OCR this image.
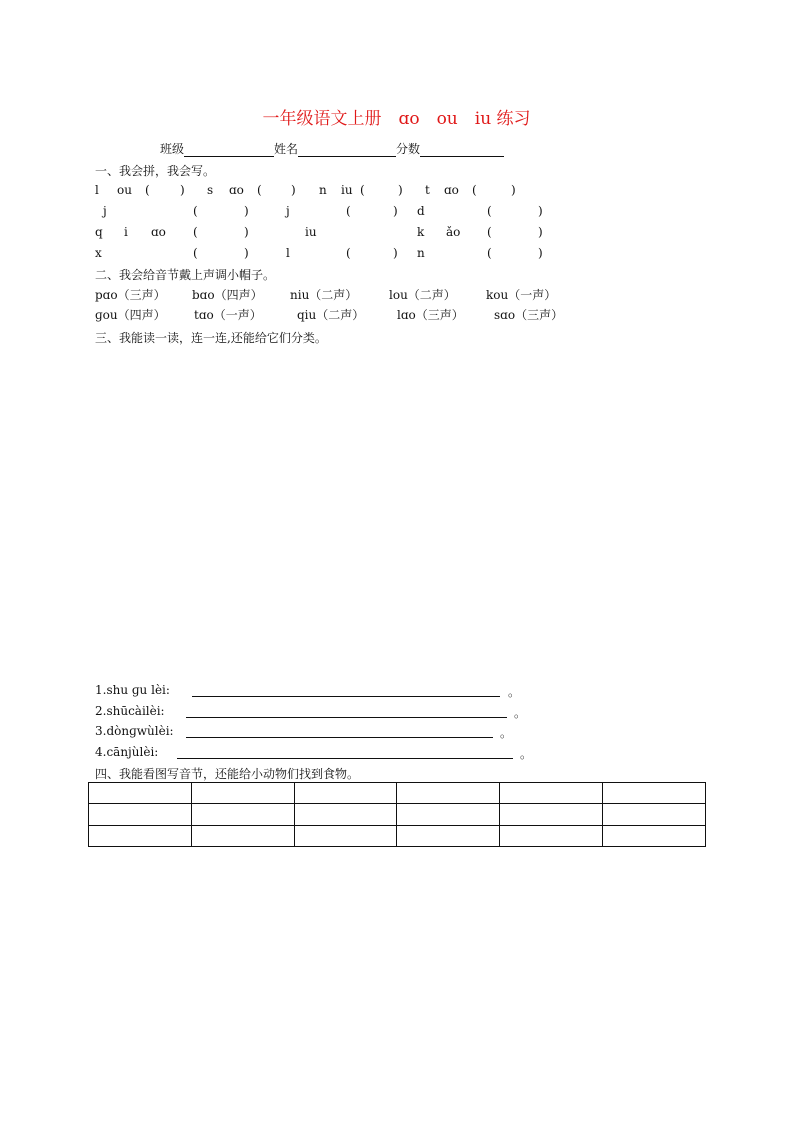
一年级语文上册　ɑo　ou　iu 练习
班级	姓名	分数
一、我会拼，我会写。
l ou (	) s ɑo ( ) n iu (	) t ɑo (	)
j	(	)	j	(	) d	(	)
q i ɑo (	)	iu	k ǎo (	)
x	(	)	l	(	) n	(	)
二、我会给音节戴上声调小帽子。
pɑo（三声） bɑo（四声） niu（二声）	lou（二声）	kou（一声）
ɡou（四声） tɑo（一声）	qiu（二声）	lɑo（三声）	sɑo（三声）
三、我能读一读，连一连,还能给它们分类。
1.shu ɡu lèi:	。
2.shūcàilèi:	。
3.dònɡwùlèi:	。
4.cānjùlèi:	。
四、我能看图写音节，还能给小动物们找到食物。
